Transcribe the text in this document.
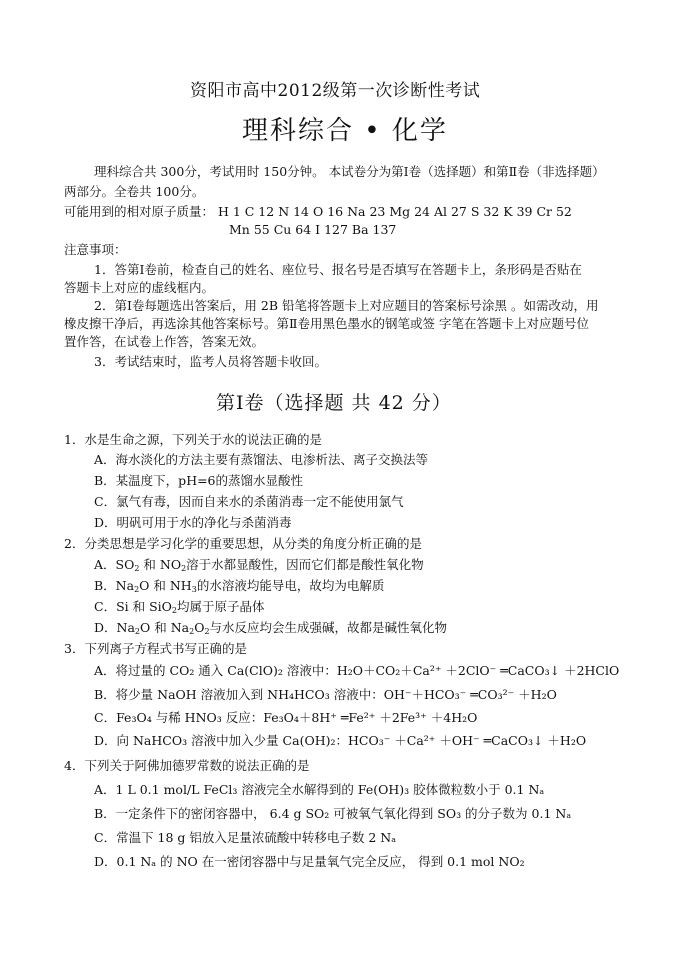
资阳市高中2012级第一次诊断性考试
理科综合 • 化学
理科综合共 300分，考试用时 150分钟。 本试卷分为第Ⅰ卷（选择题）和第Ⅱ卷（非选择题）
两部分。全卷共 100分。
可能用到的相对原子质量： H 1 C 12 N 14 O 16 Na 23 Mg 24 Al 27 S 32 K 39 Cr 52
Mn 55 Cu 64 I 127 Ba 137
注意事项：
1．答第Ⅰ卷前，检查自己的姓名、座位号、报名号是否填写在答题卡上，条形码是否贴在
答题卡上对应的虚线框内。
2．第Ⅰ卷每题选出答案后，用 2B 铅笔将答题卡上对应题目的答案标号涂黑 。如需改动，用
橡皮擦干净后，再选涂其他答案标号。第Ⅱ卷用黑色墨水的钢笔或签 字笔在答题卡上对应题号位
置作答，在试卷上作答，答案无效。
3．考试结束时，监考人员将答题卡收回。
第Ⅰ卷（选择题 共 42 分）
1．水是生命之源，下列关于水的说法正确的是
A．海水淡化的方法主要有蒸馏法、电渗析法、离子交换法等
B．某温度下，pH=6的蒸馏水显酸性
C．氯气有毒，因而自来水的杀菌消毒一定不能使用氯气
D．明矾可用于水的净化与杀菌消毒
2．分类思想是学习化学的重要思想，从分类的角度分析正确的是
A．$SO_2$ 和 $NO_2$溶于水都显酸性，因而它们都是酸性氧化物
B．$Na_2O$ 和 $NH_3$的水溶液均能导电，故均为电解质
C．Si 和 SiO$_2$均属于原子晶体
D．$Na_2O$ 和 $Na_2O_2$与水反应均会生成强碱，故都是碱性氧化物
3．下列离子方程式书写正确的是
A．将过量的 CO₂ 通入 Ca(ClO)₂ 溶液中：H₂O＋CO₂＋Ca²⁺ ＋2ClO⁻ ═CaCO₃↓ ＋2HClO
B．将少量 NaOH 溶液加入到 NH₄HCO₃ 溶液中：OH⁻＋HCO₃⁻ ═CO₃²⁻ ＋H₂O
C．Fe₃O₄ 与稀 HNO₃ 反应：Fe₃O₄＋8H⁺ ═Fe²⁺ ＋2Fe³⁺ ＋4H₂O
D．向 NaHCO₃ 溶液中加入少量 Ca(OH)₂：HCO₃⁻ ＋Ca²⁺ ＋OH⁻ ═CaCO₃↓ ＋H₂O
4．下列关于阿佛加德罗常数的说法正确的是
A．1 L 0.1 mol/L FeCl₃ 溶液完全水解得到的 Fe(OH)₃ 胶体微粒数小于 0.1 Nₐ
B．一定条件下的密闭容器中， 6.4 g SO₂ 可被氧气氧化得到 SO₃ 的分子数为 0.1 Nₐ
C．常温下 18 g 铝放入足量浓硫酸中转移电子数 2 Nₐ
D．0.1 Nₐ 的 NO 在一密闭容器中与足量氧气完全反应， 得到 0.1 mol NO₂
